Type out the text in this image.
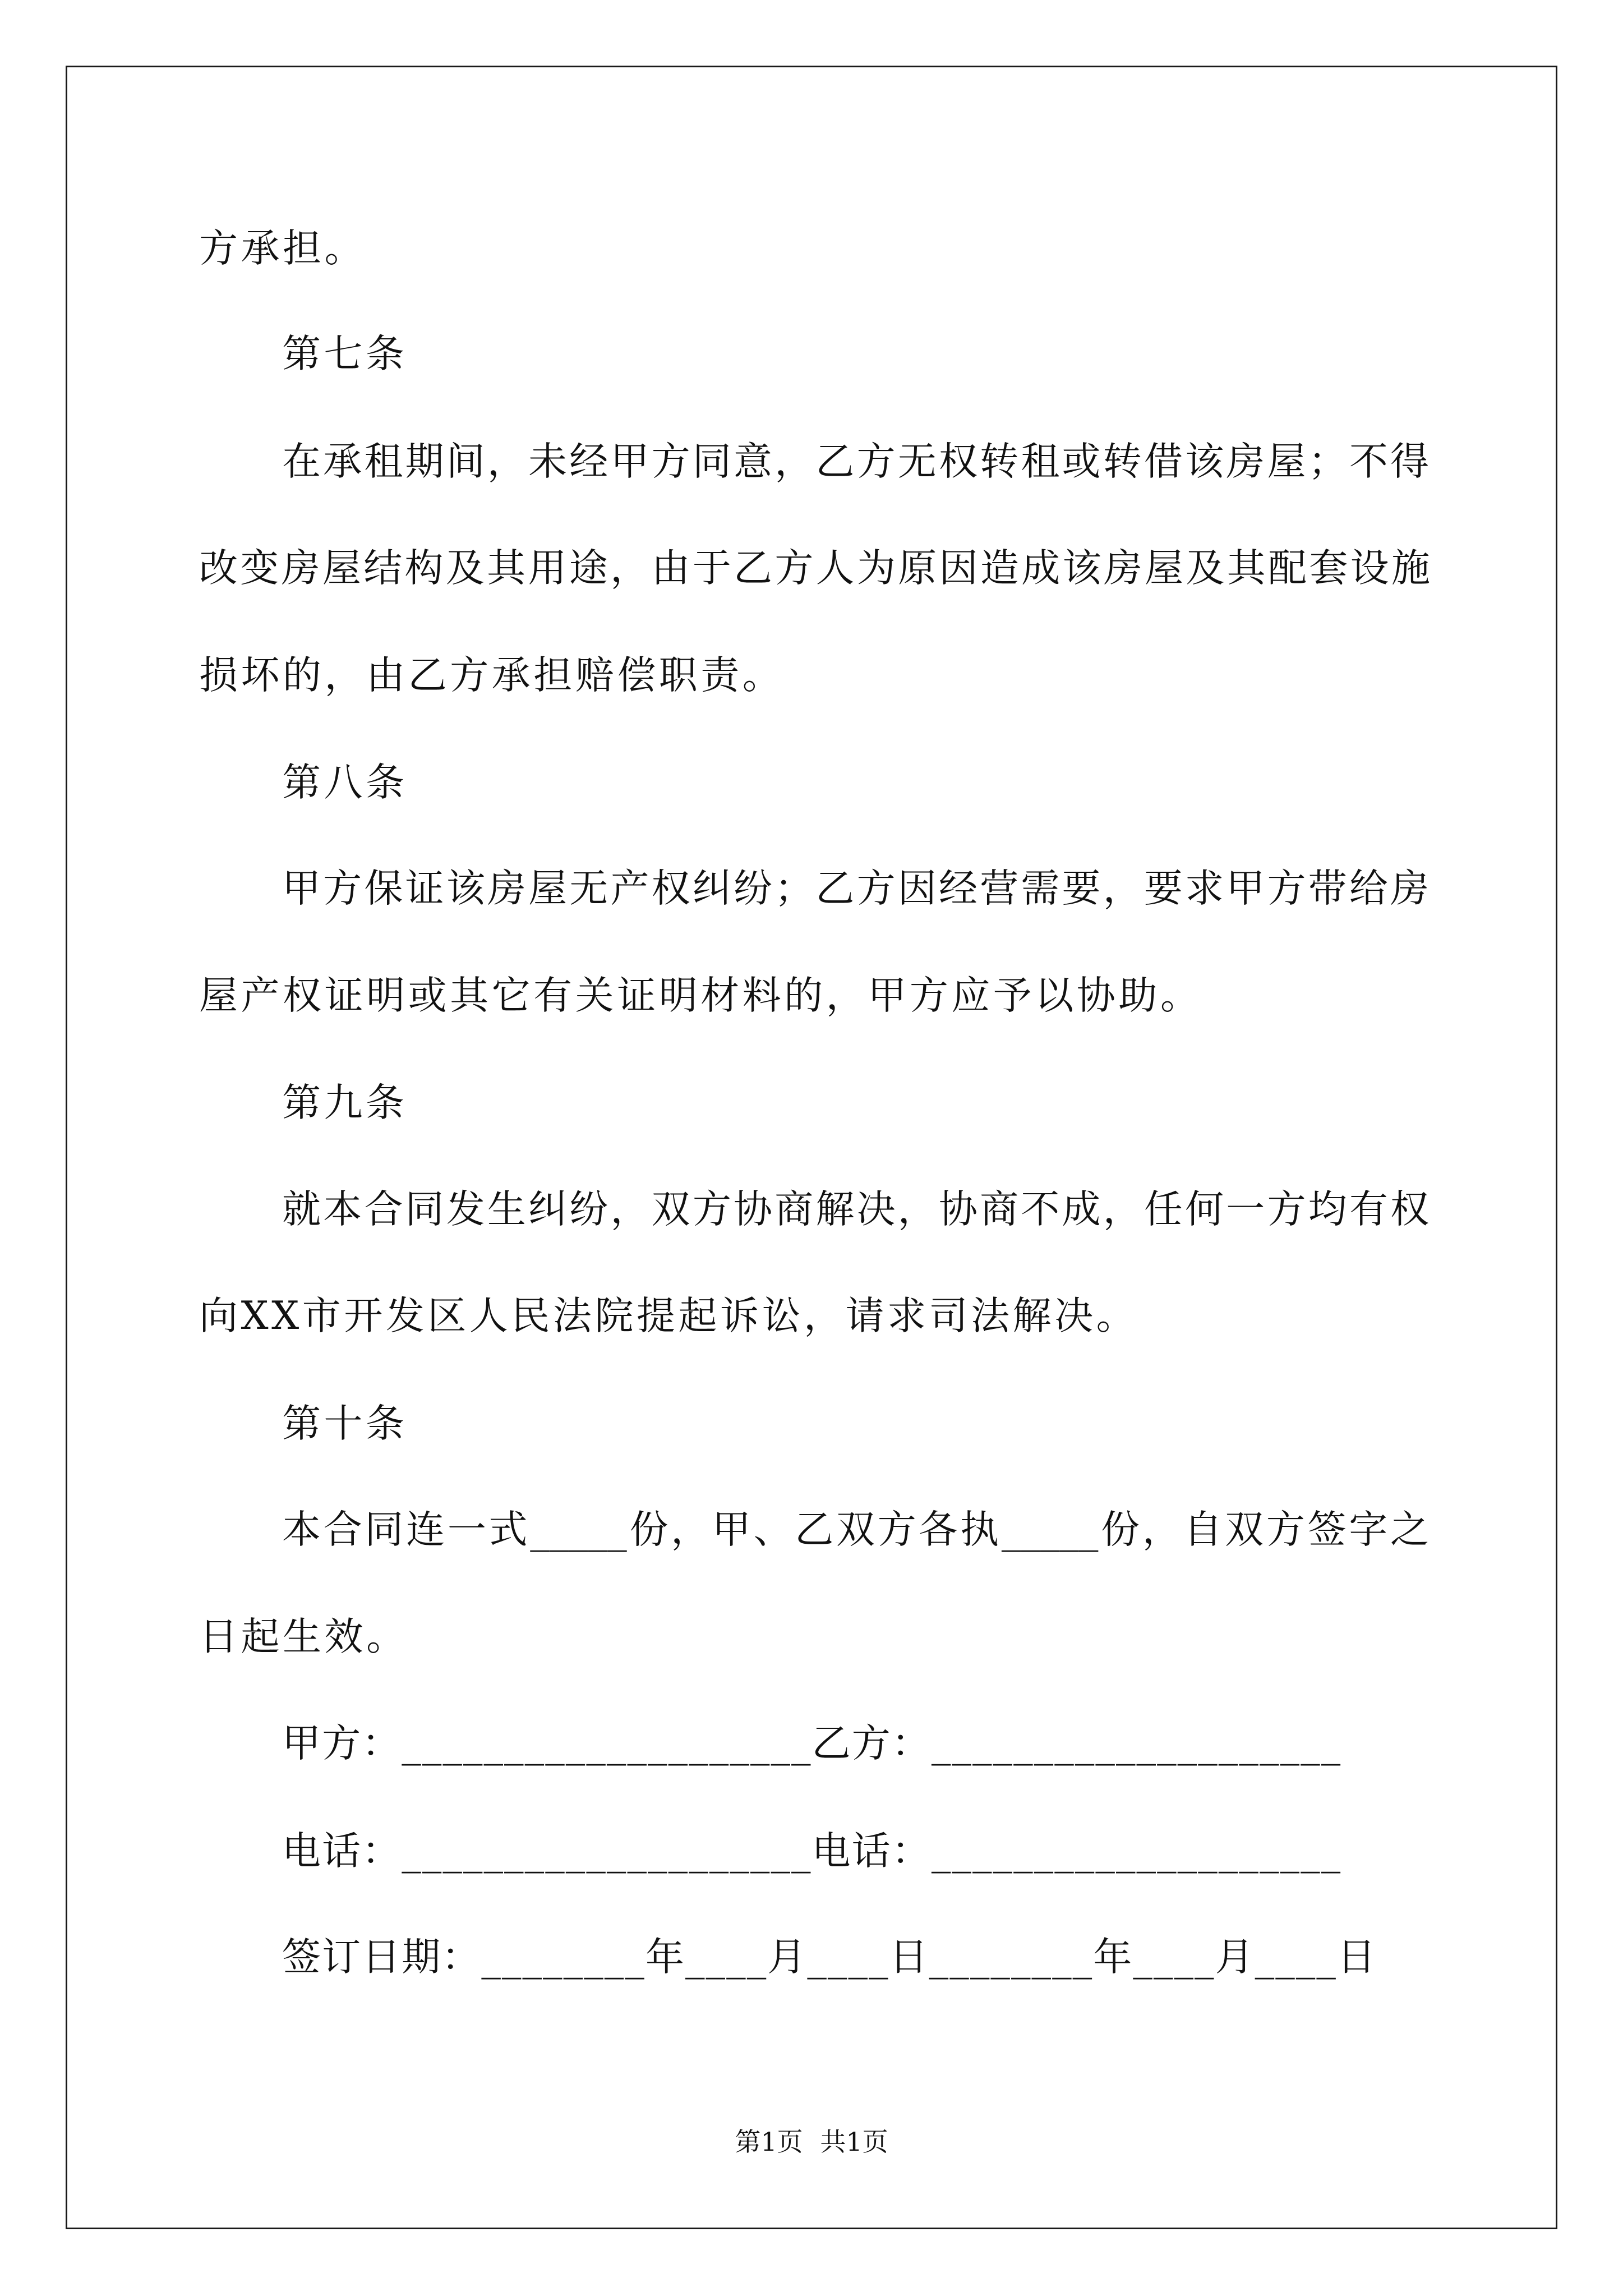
方承担。
第七条
在承租期间，未经甲方同意，乙方无权转租或转借该房屋；不得
改变房屋结构及其用途，由于乙方人为原因造成该房屋及其配套设施
损坏的，由乙方承担赔偿职责。
第八条
甲方保证该房屋无产权纠纷；乙方因经营需要，要求甲方带给房
屋产权证明或其它有关证明材料的，甲方应予以协助。
第九条
就本合同发生纠纷，双方协商解决，协商不成，任何一方均有权
向XX市开发区人民法院提起诉讼，请求司法解决。
第十条
本合同连一式_____份，甲、乙双方各执_____份，自双方签字之
日起生效。
甲方：____________________乙方：____________________
电话：____________________电话：____________________
签订日期：________年____月____日________年____月____日
第1页 共1页
